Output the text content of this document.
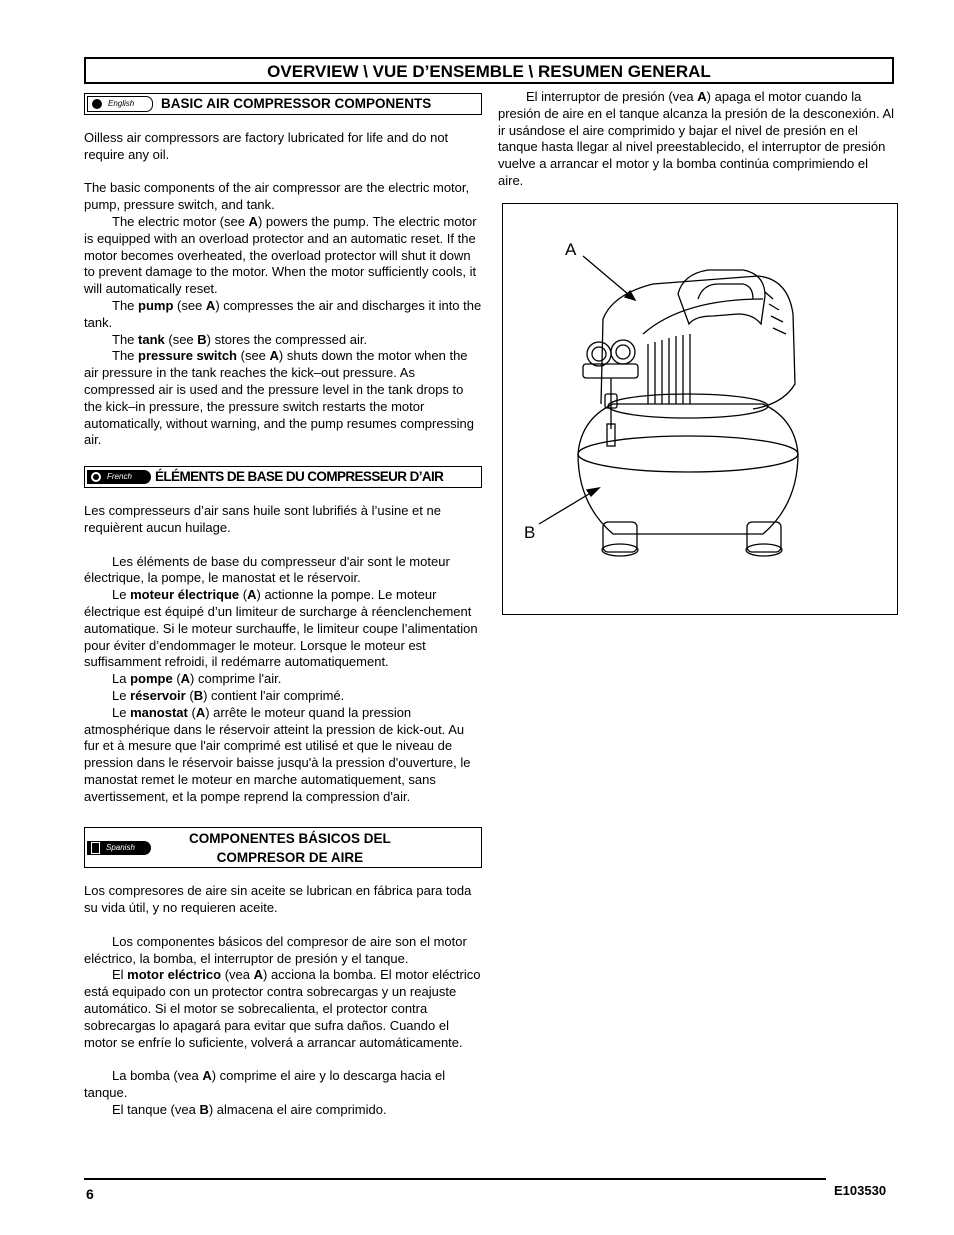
OVERVIEW \ VUE D’ENSEMBLE \ RESUMEN GENERAL
English BASIC AIR COMPRESSOR COMPONENTS

Oilless air compressors are factory lubricated for life and do not require any oil.

The basic components of the air compressor are the electric motor, pump, pressure switch, and tank.

The electric motor (see A) powers the pump. The electric motor is equipped with an overload protector and an automatic reset. If the motor becomes overheated, the overload protector will shut it down to prevent damage to the motor. When the motor sufficiently cools, it will automatically reset.

The pump (see A) compresses the air and discharges it into the tank.

The tank (see B) stores the compressed air.

The pressure switch (see A) shuts down the motor when the air pressure in the tank reaches the kick–out pressure. As compressed air is used and the pressure level in the tank drops to the kick–in pressure, the pressure switch restarts the motor automatically, without warning, and the pump resumes compressing air.

French ÉLÉMENTS DE BASE DU COMPRESSEUR D’AIR

Les compresseurs d’air sans huile sont lubrifiés à l’usine et ne requièrent aucun huilage.

Les éléments de base du compresseur d'air sont le moteur électrique, la pompe, le manostat et le réservoir.

Le moteur électrique (A) actionne la pompe. Le moteur électrique est équipé d’un limiteur de surcharge à réenclenchement automatique. Si le moteur surchauffe, le limiteur coupe l’alimentation pour éviter d’endommager le moteur. Lorsque le moteur est suffisamment refroidi, il redémarre automatiquement.

La pompe (A) comprime l'air.

Le réservoir (B) contient l'air comprimé.

Le manostat (A) arrête le moteur quand la pression atmosphérique dans le réservoir atteint la pression de kick-out. Au fur et à mesure que l'air comprimé est utilisé et que le niveau de pression dans le réservoir baisse jusqu'à la pression d'ouverture, le manostat remet le moteur en marche automatiquement, sans avertissement, et la pompe reprend la compression d'air.

Spanish
COMPONENTES BÁSICOS DEL
COMPRESOR DE AIRE

Los compresores de aire sin aceite se lubrican en fábrica para toda su vida útil, y no requieren aceite.

Los componentes básicos del compresor de aire son el motor eléctrico, la bomba, el interruptor de presión y el tanque.

El motor eléctrico (vea A) acciona la bomba. El motor eléctrico está equipado con un protector contra sobrecargas y un reajuste automático. Si el motor se sobrecalienta, el protector contra sobrecargas lo apagará para evitar que sufra daños. Cuando el motor se enfríe lo suficiente, volverá a arrancar automáticamente.

La bomba (vea A) comprime el aire y lo descarga hacia el tanque.

El tanque (vea B) almacena el aire comprimido.

El interruptor de presión (vea A) apaga el motor cuando la presión de aire en el tanque alcanza la presión de la desconexión. Al ir usándose el aire comprimido y bajar el nivel de presión en el tanque hasta llegar al nivel preestablecido, el interruptor de presión vuelve a arrancar el motor y la bomba continúa comprimiendo el aire.

A
B
6	E103530
